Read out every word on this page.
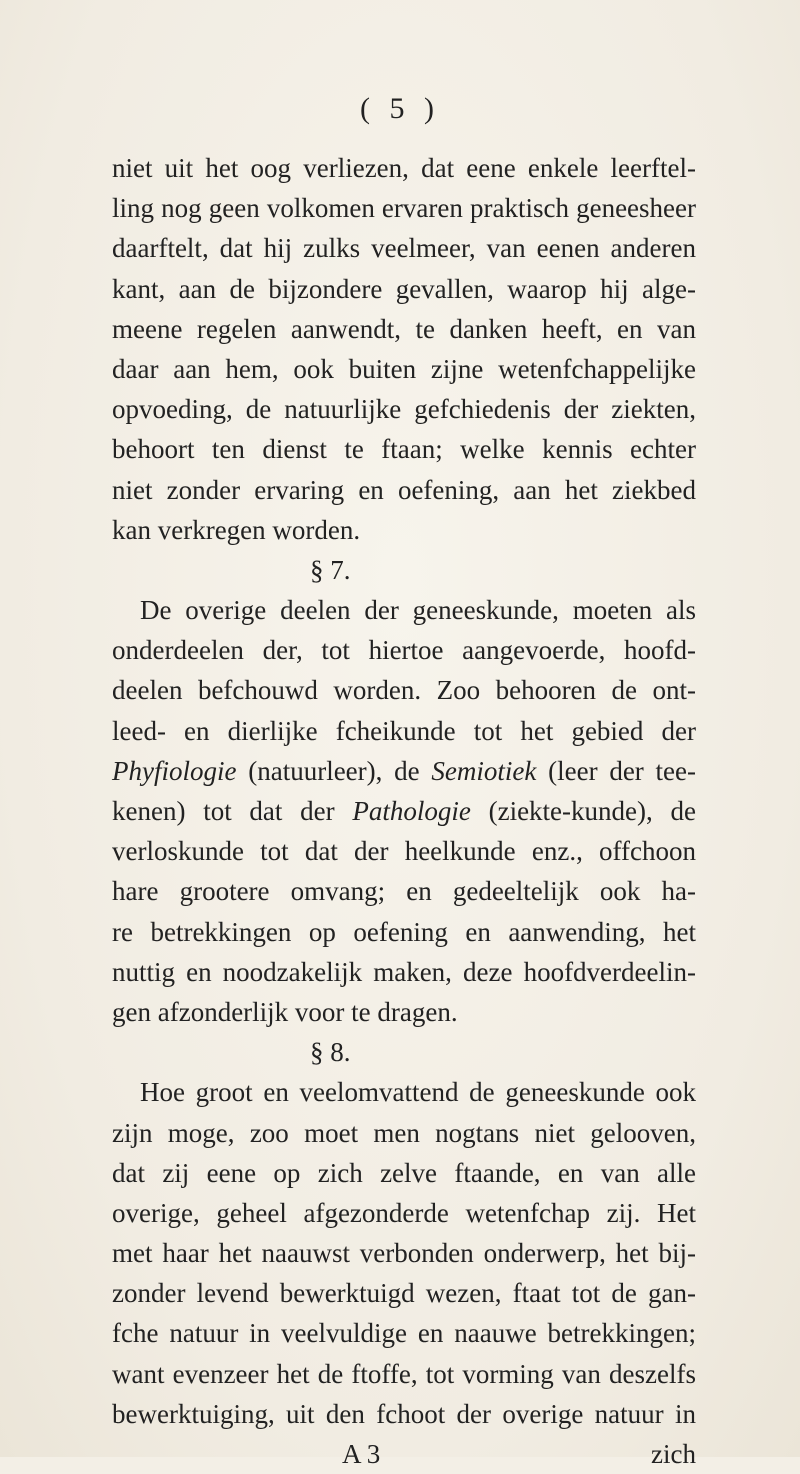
( 5 )
niet uit het oog verliezen, dat eene enkele leerftel-
ling nog geen volkomen ervaren praktisch geneesheer
daarftelt, dat hij zulks veelmeer, van eenen anderen
kant, aan de bijzondere gevallen, waarop hij alge-
meene regelen aanwendt, te danken heeft, en van
daar aan hem, ook buiten zijne wetenfchappelijke
opvoeding, de natuurlijke gefchiedenis der ziekten,
behoort ten dienst te ftaan; welke kennis echter
niet zonder ervaring en oefening, aan het ziekbed
kan verkregen worden.
§ 7.
De overige deelen der geneeskunde, moeten als
onderdeelen der, tot hiertoe aangevoerde, hoofd-
deelen befchouwd worden. Zoo behooren de ont-
leed- en dierlijke fcheikunde tot het gebied der
Phyfiologie (natuurleer), de Semiotiek (leer der tee-
kenen) tot dat der Pathologie (ziekte-kunde), de
verloskunde tot dat der heelkunde enz., offchoon
hare grootere omvang; en gedeeltelijk ook ha-
re betrekkingen op oefening en aanwending, het
nuttig en noodzakelijk maken, deze hoofdverdeelin-
gen afzonderlijk voor te dragen.
§ 8.
Hoe groot en veelomvattend de geneeskunde ook
zijn moge, zoo moet men nogtans niet gelooven,
dat zij eene op zich zelve ftaande, en van alle
overige, geheel afgezonderde wetenfchap zij. Het
met haar het naauwst verbonden onderwerp, het bij-
zonder levend bewerktuigd wezen, ftaat tot de gan-
fche natuur in veelvuldige en naauwe betrekkingen;
want evenzeer het de ftoffe, tot vorming van deszelfs
bewerktuiging, uit den fchoot der overige natuur in
A 3	zich
